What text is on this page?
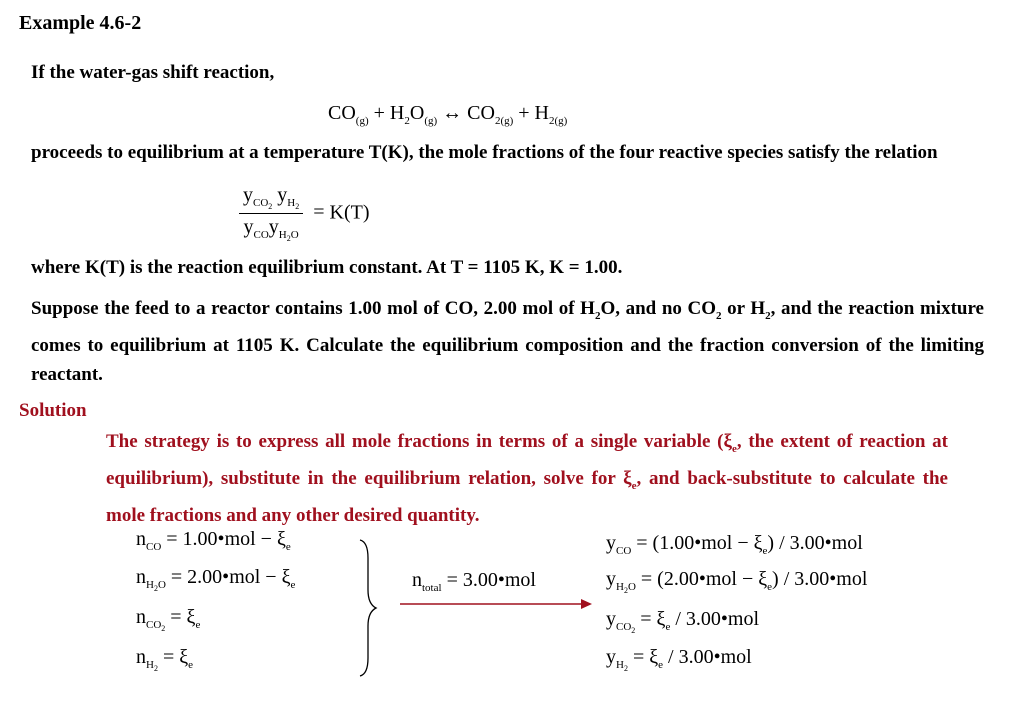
Example 4.6-2
If the water-gas shift reaction,
$CO_{(g)} + H_2O_{(g)}$ ↔ $CO_{2(g)} + H_{2(g)}$
proceeds to equilibrium at a temperature T(K), the mole fractions of the four reactive species satisfy the relation
$\frac{y_{CO_2} y_{H_2}}{y_{CO}y_{H_2O}} = K(T)$
where K(T) is the reaction equilibrium constant. At T = 1105 K, K = 1.00.
Suppose the feed to a reactor contains 1.00 mol of CO, 2.00 mol of $H_2O$, and no $CO_2$ or $H_2$, and the reaction mixture comes to equilibrium at 1105 K. Calculate the equilibrium composition and the fraction conversion of the limiting reactant.
Solution
The strategy is to express all mole fractions in terms of a single variable ($\xi_e$, the extent of reaction at equilibrium), substitute in the equilibrium relation, solve for $\xi_e$, and back-substitute to calculate the mole fractions and any other desired quantity.
$n_{CO}$ = 1.00•mol − $\xi_e$
$n_{H_2O}$ = 2.00•mol − $\xi_e$
$n_{CO_2} = \xi_e$
$n_{H_2} = \xi_e$
$n_{total}$ = 3.00•mol
$y_{CO}$ = (1.00•mol − $\xi_e$) / 3.00•mol
$y_{H_2O}$ = (2.00•mol − $\xi_e$) / 3.00•mol
$y_{CO_2} = \xi_e$ / 3.00•mol
$y_{H_2} = \xi_e$ / 3.00•mol
